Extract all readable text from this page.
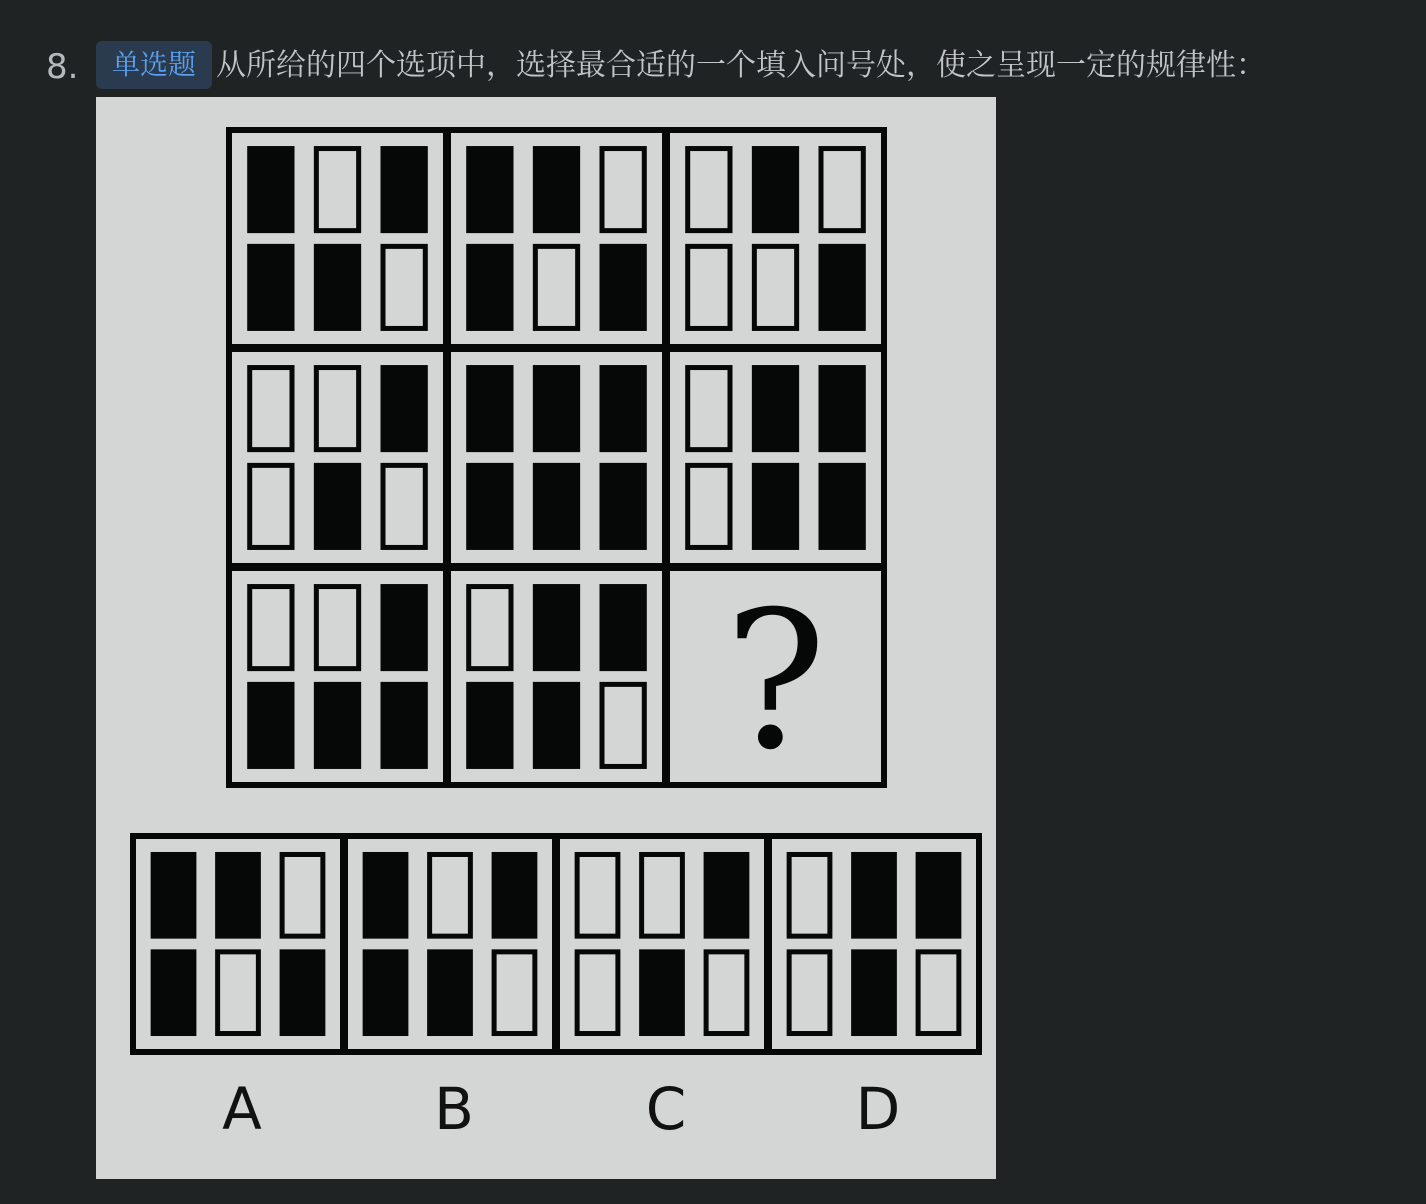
8.	单选题 从所给的四个选项中，选择最合适的一个填入问号处，使之呈现一定的规律性：
?
A	B	C	D
